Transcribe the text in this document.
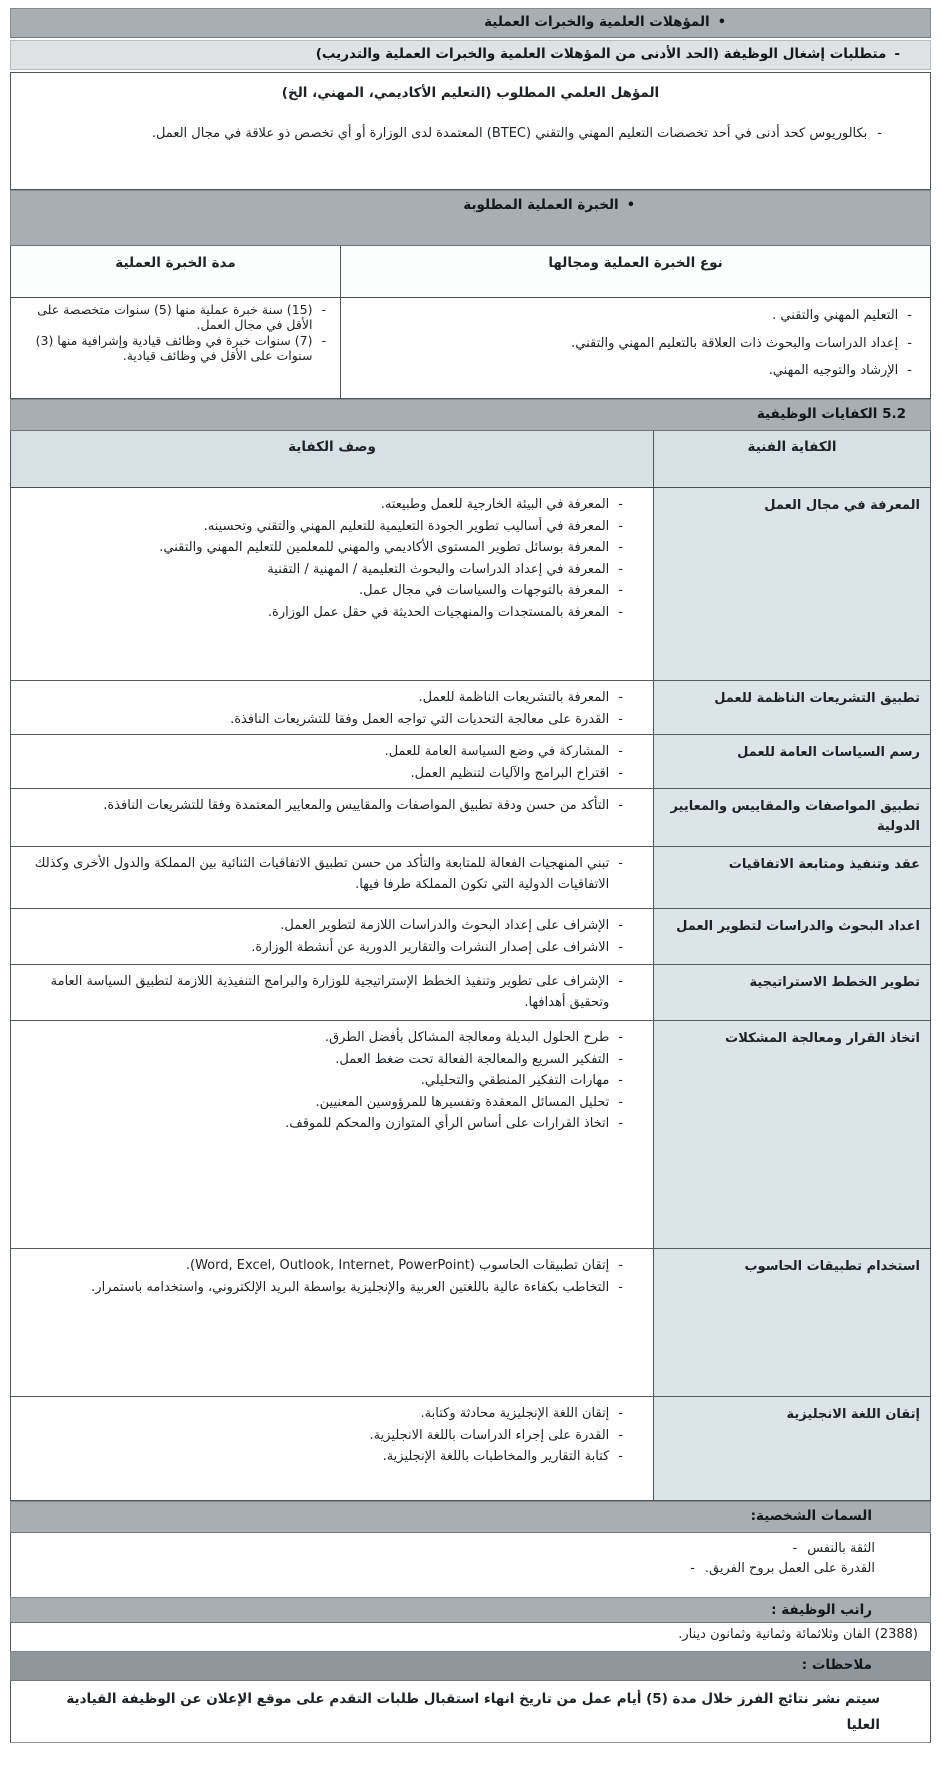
•
المؤهلات العلمية والخبرات العملية
-
متطلبات إشغال الوظيفة (الحد الأدنى من المؤهلات العلمية والخبرات العملية والتدريب)
المؤهل العلمي المطلوب (التعليم الأكاديمي، المهني، الخ)
-
بكالوريوس كحد أدنى في أحد تخصصات التعليم المهني والتقني (BTEC) المعتمدة لدى الوزارة أو أي تخصص ذو علاقة في مجال العمل.
•
الخبرة العملية المطلوبة
نوع الخبرة العملية ومجالها
مدة الخبرة العملية
-
التعليم المهني والتقني .
-
إعداد الدراسات والبحوث ذات العلاقة بالتعليم المهني والتقني.
-
الإرشاد والتوجيه المهني.
-
(15) سنة خبرة عملية منها (5) سنوات متخصصة على الأقل في مجال العمل.
-
(7) سنوات خبرة في وظائف قيادية وإشرافية منها (3) سنوات على الأقل في وظائف قيادية.
5.2 الكفايات الوظيفية
الكفاية الفنية
وصف الكفاية
المعرفة في مجال العمل
-
المعرفة في البيئة الخارجية للعمل وطبيعته.
-
المعرفة في أساليب تطوير الجودة التعليمية للتعليم المهني والتقني وتحسينه.
-
المعرفة بوسائل تطوير المستوى الأكاديمي والمهني للمعلمين للتعليم المهني والتقني.
-
المعرفة في إعداد الدراسات والبحوث التعليمية / المهنية / التقنية
-
المعرفة بالتوجهات والسياسات في مجال عمل.
-
المعرفة بالمستجدات والمنهجيات الحديثة في حقل عمل الوزارة.
تطبيق التشريعات الناظمة للعمل
-
المعرفة بالتشريعات الناظمة للعمل.
-
القدرة على معالجة التحديات التي تواجه العمل وفقا للتشريعات النافذة.
رسم السياسات العامة للعمل
-
المشاركة في وضع السياسة العامة للعمل.
-
اقتراح البرامج والآليات لتنظيم العمل.
تطبيق المواصفات والمقاييس والمعايير الدولية
-
التأكد من حسن ودقة تطبيق المواصفات والمقاييس والمعايير المعتمدة وفقا للتشريعات النافذة.
عقد وتنفيذ ومتابعة الاتفاقيات
-
تبني المنهجيات الفعالة للمتابعة والتأكد من حسن تطبيق الاتفاقيات الثنائية بين المملكة والدول الأخرى وكذلك الاتفاقيات الدولية التي تكون المملكة طرفا فيها.
اعداد البحوث والدراسات لتطوير العمل
-
الإشراف على إعداد البحوث والدراسات اللازمة لتطوير العمل.
-
الاشراف على إصدار النشرات والتقارير الدورية عن أنشطة الوزارة.
تطوير الخطط الاستراتيجية
-
الإشراف على تطوير وتنفيذ الخطط الإستراتيجية للوزارة والبرامج التنفيذية اللازمة لتطبيق السياسة العامة وتحقيق أهدافها.
اتخاذ القرار ومعالجة المشكلات
-
طرح الحلول البديلة ومعالجة المشاكل بأفضل الطرق.
-
التفكير السريع والمعالجة الفعالة تحت ضغط العمل.
-
مهارات التفكير المنطقي والتحليلي.
-
تحليل المسائل المعقدة وتفسيرها للمرؤوسين المعنيين.
-
اتخاذ القرارات على أساس الرأي المتوازن والمحكم للموقف.
استخدام تطبيقات الحاسوب
-
إتقان تطبيقات الحاسوب (Word, Excel, Outlook, Internet, PowerPoint).
-
التخاطب بكفاءة عالية باللغتين العربية والإنجليزية بواسطة البريد الإلكتروني، واستخدامه باستمرار.
إتقان اللغة الانجليزية
-
إتقان اللغة الإنجليزية محادثة وكتابة.
-
القدرة على إجراء الدراسات باللغة الانجليزية.
-
كتابة التقارير والمخاطبات باللغة الإنجليزية.
السمات الشخصية:
الثقة بالنفس
-
القدرة على العمل بروح الفريق.
-
راتب الوظيفة :
(2388) الفان وثلاثمائة وثمانية وثمانون دينار.
ملاحظات :
سيتم نشر نتائج الفرز خلال مدة (5) أيام عمل من تاريخ انهاء استقبال طلبات التقدم على موقع الإعلان عن الوظيفة القيادية العليا
